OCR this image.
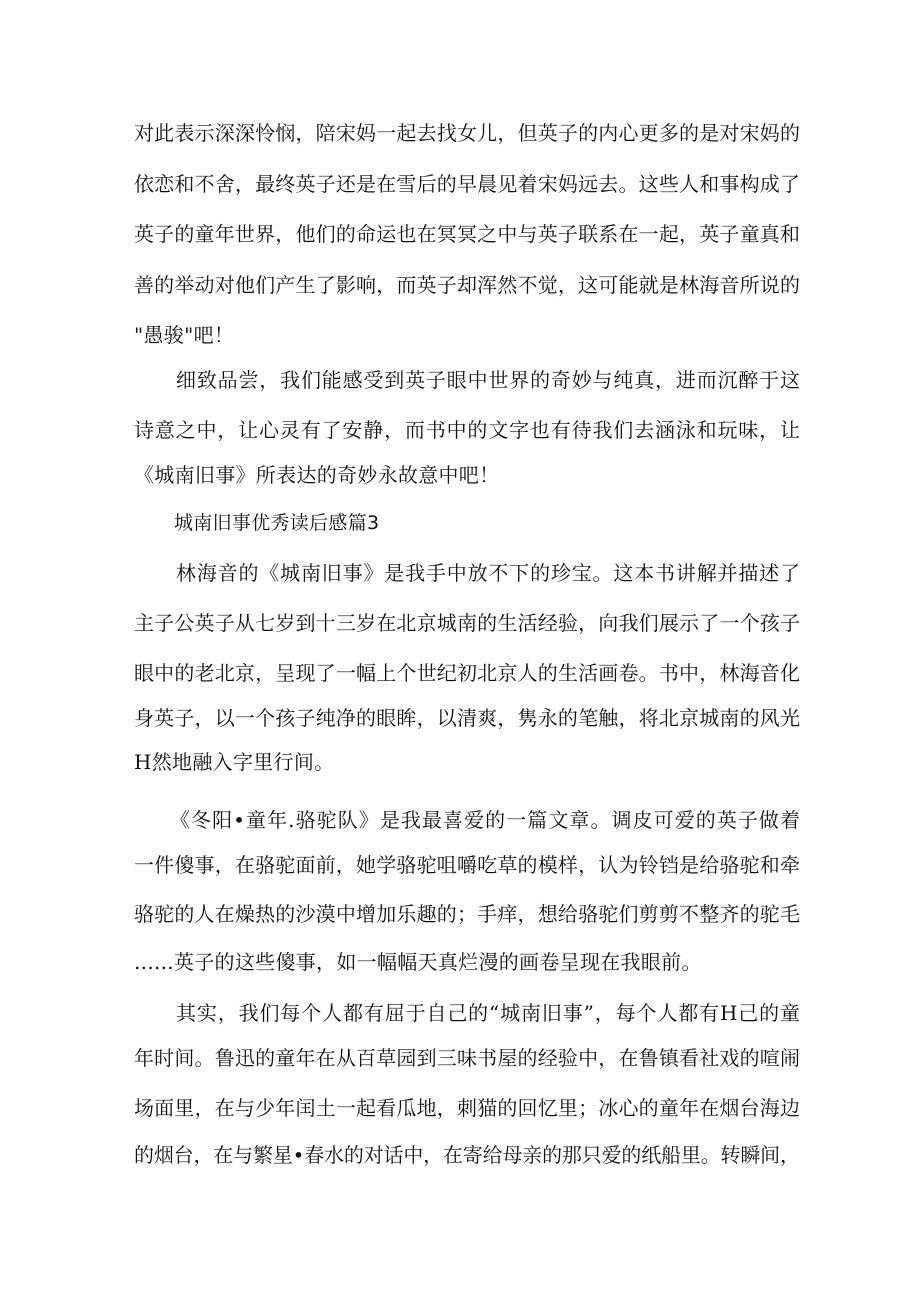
对此表示深深怜悯，陪宋妈一起去找女儿，但英子的内心更多的是对宋妈的
依恋和不舍，最终英子还是在雪后的早晨见着宋妈远去。这些人和事构成了
英子的童年世界，他们的命运也在冥冥之中与英子联系在一起，英子童真和
善的举动对他们产生了影响，而英子却浑然不觉，这可能就是林海音所说的
"愚骏"吧！
细致品尝，我们能感受到英子眼中世界的奇妙与纯真，进而沉醉于这
诗意之中，让心灵有了安静，而书中的文字也有待我们去涵泳和玩味，让
《城南旧事》所表达的奇妙永故意中吧！
城南旧事优秀读后感篇3
林海音的《城南旧事》是我手中放不下的珍宝。这本书讲解并描述了
主子公英子从七岁到十三岁在北京城南的生活经验，向我们展示了一个孩子
眼中的老北京，呈现了一幅上个世纪初北京人的生活画卷。书中，林海音化
身英子，以一个孩子纯净的眼眸，以清爽，隽永的笔触，将北京城南的风光
H然地融入字里行间。
《冬阳•童年.骆驼队》是我最喜爱的一篇文章。调皮可爱的英子做着
一件傻事，在骆驼面前，她学骆驼咀嚼吃草的模样，认为铃铛是给骆驼和牵
骆驼的人在燥热的沙漠中增加乐趣的；手痒，想给骆驼们剪剪不整齐的驼毛
......英子的这些傻事，如一幅幅天真烂漫的画卷呈现在我眼前。
其实，我们每个人都有屈于自己的“城南旧事”，每个人都有H己的童
年时间。鲁迅的童年在从百草园到三味书屋的经验中，在鲁镇看社戏的喧闹
场面里，在与少年闰土一起看瓜地，刺猫的回忆里；冰心的童年在烟台海边
的烟台，在与繁星•春水的对话中，在寄给母亲的那只爱的纸船里。转瞬间，
